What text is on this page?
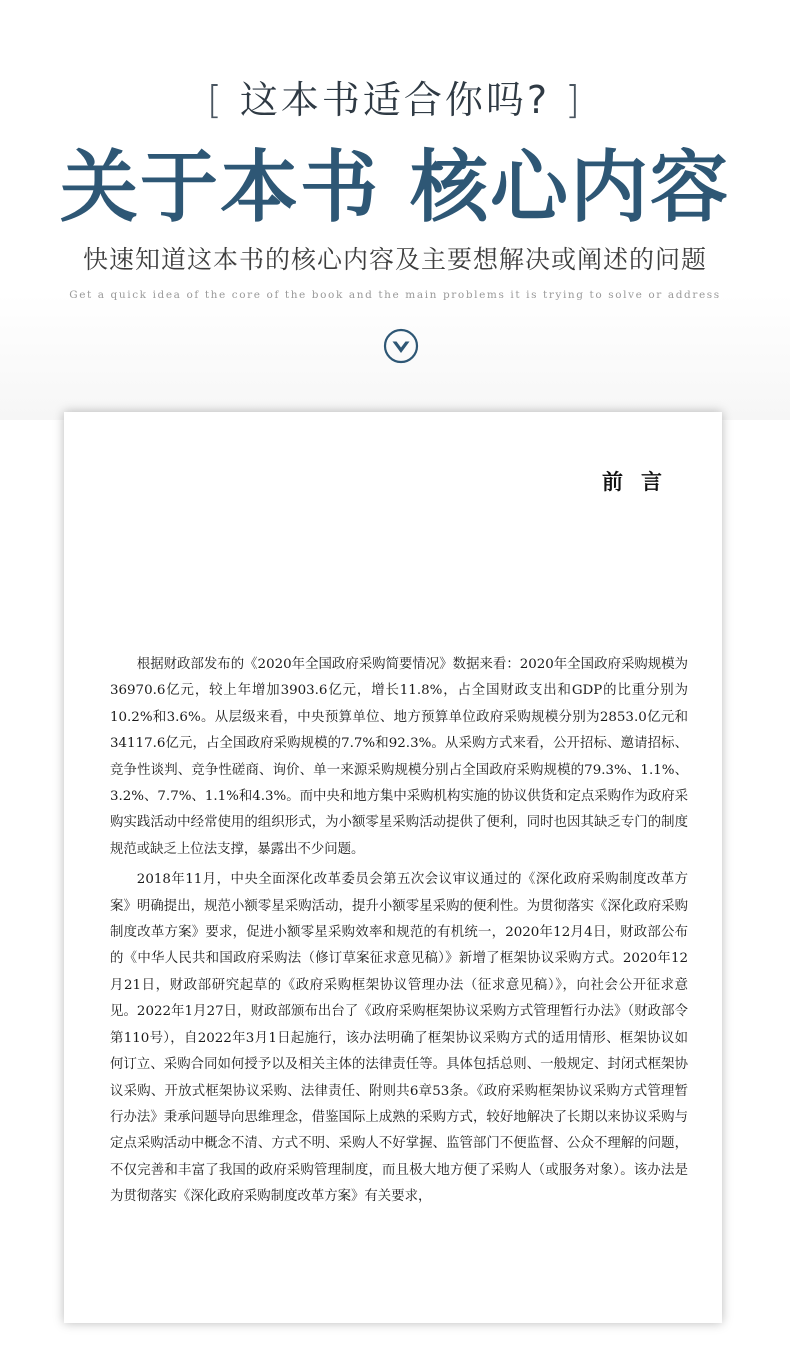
[ 这本书适合你吗? ]
关于本书 核心内容
快速知道这本书的核心内容及主要想解决或阐述的问题
Get a quick idea of the core of the book and the main problems it is trying to solve or address
前言

根据财政部发布的《2020年全国政府采购简要情况》数据来看：2020年全国政府采购规模为36970.6亿元，较上年增加3903.6亿元，增长11.8%，占全国财政支出和GDP的比重分别为10.2%和3.6%。从层级来看，中央预算单位、地方预算单位政府采购规模分别为2853.0亿元和34117.6亿元，占全国政府采购规模的7.7%和92.3%。从采购方式来看，公开招标、邀请招标、竞争性谈判、竞争性磋商、询价、单一来源采购规模分别占全国政府采购规模的79.3%、1.1%、3.2%、7.7%、1.1%和4.3%。而中央和地方集中采购机构实施的协议供货和定点采购作为政府采购实践活动中经常使用的组织形式，为小额零星采购活动提供了便利，同时也因其缺乏专门的制度规范或缺乏上位法支撑，暴露出不少问题。

2018年11月，中央全面深化改革委员会第五次会议审议通过的《深化政府采购制度改革方案》明确提出，规范小额零星采购活动，提升小额零星采购的便利性。为贯彻落实《深化政府采购制度改革方案》要求，促进小额零星采购效率和规范的有机统一，2020年12月4日，财政部公布的《中华人民共和国政府采购法（修订草案征求意见稿）》新增了框架协议采购方式。2020年12月21日，财政部研究起草的《政府采购框架协议管理办法（征求意见稿）》，向社会公开征求意见。2022年1月27日，财政部颁布出台了《政府采购框架协议采购方式管理暂行办法》（财政部令第110号），自2022年3月1日起施行，该办法明确了框架协议采购方式的适用情形、框架协议如何订立、采购合同如何授予以及相关主体的法律责任等。具体包括总则、一般规定、封闭式框架协议采购、开放式框架协议采购、法律责任、附则共6章53条。《政府采购框架协议采购方式管理暂行办法》秉承问题导向思维理念，借鉴国际上成熟的采购方式，较好地解决了长期以来协议采购与定点采购活动中概念不清、方式不明、采购人不好掌握、监管部门不便监督、公众不理解的问题，不仅完善和丰富了我国的政府采购管理制度，而且极大地方便了采购人（或服务对象）。该办法是为贯彻落实《深化政府采购制度改革方案》有关要求，
